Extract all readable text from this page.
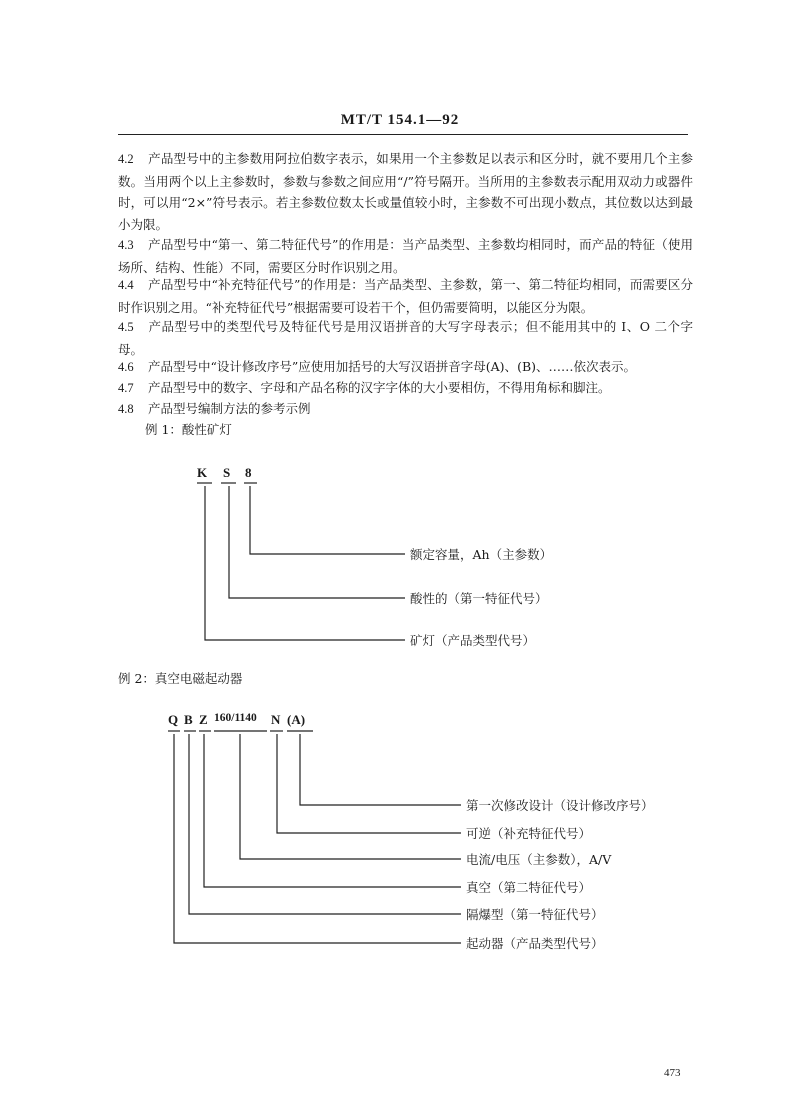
MT/T 154.1—92
4.2 产品型号中的主参数用阿拉伯数字表示，如果用一个主参数足以表示和区分时，就不要用几个主参数。当用两个以上主参数时，参数与参数之间应用“/”符号隔开。当所用的主参数表示配用双动力或器件时，可以用“2×”符号表示。若主参数位数太长或量值较小时，主参数不可出现小数点，其位数以达到最小为限。
4.3 产品型号中“第一、第二特征代号”的作用是：当产品类型、主参数均相同时，而产品的特征（使用场所、结构、性能）不同，需要区分时作识别之用。
4.4 产品型号中“补充特征代号”的作用是：当产品类型、主参数，第一、第二特征均相同，而需要区分时作识别之用。“补充特征代号”根据需要可设若干个，但仍需要简明，以能区分为限。
4.5 产品型号中的类型代号及特征代号是用汉语拼音的大写字母表示；但不能用其中的 I、O 二个字母。
4.6 产品型号中“设计修改序号”应使用加括号的大写汉语拼音字母(A)、(B)、……依次表示。
4.7 产品型号中的数字、字母和产品名称的汉字字体的大小要相仿，不得用角标和脚注。
4.8 产品型号编制方法的参考示例
例 1：酸性矿灯
K S 8
额定容量，Ah（主参数）
酸性的（第一特征代号）
矿灯（产品类型代号）
例 2：真空电磁起动器
Q B Z 160/1140 N (A)
第一次修改设计（设计修改序号）
可逆（补充特征代号）
电流/电压（主参数），A/V
真空（第二特征代号）
隔爆型（第一特征代号）
起动器（产品类型代号）
473
